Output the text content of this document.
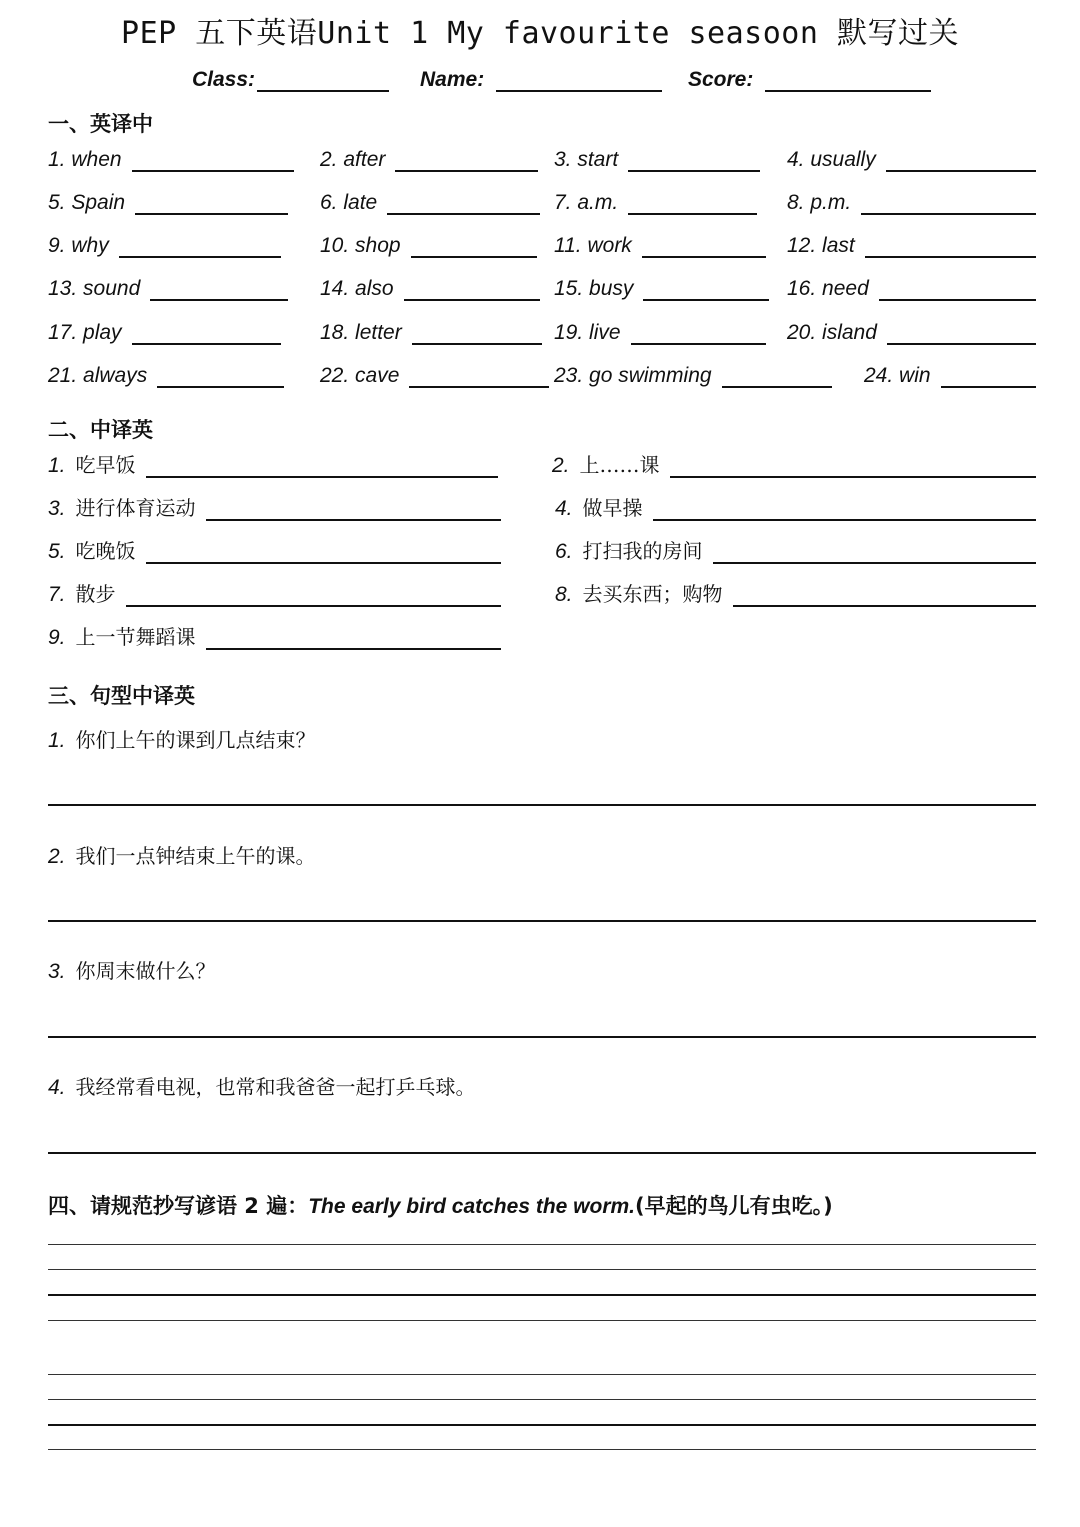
PEP 五下英语Unit 1 My favourite seasoon 默写过关
Class:	Name:	Score:
一、英译中
1. when	2. after	3. start	4. usually
5. Spain	6. late	7. a.m.	8. p.m.
9. why	10. shop	11. work	12. last
13. sound	14. also	15. busy	16. need
17. play	18. letter	19. live	20. island
21. always	22. cave	23. go swimming	24. win
二、中译英
1. 吃早饭	2. 上……课
3. 进行体育运动	4. 做早操
5. 吃晚饭	6. 打扫我的房间
7. 散步	8. 去买东西；购物
9. 上一节舞蹈课
三、句型中译英
1. 你们上午的课到几点结束？
2. 我们一点钟结束上午的课。
3. 你周末做什么？
4. 我经常看电视，也常和我爸爸一起打乒乓球。
四、请规范抄写谚语 2 遍：The early bird catches the worm.(早起的鸟儿有虫吃。)
